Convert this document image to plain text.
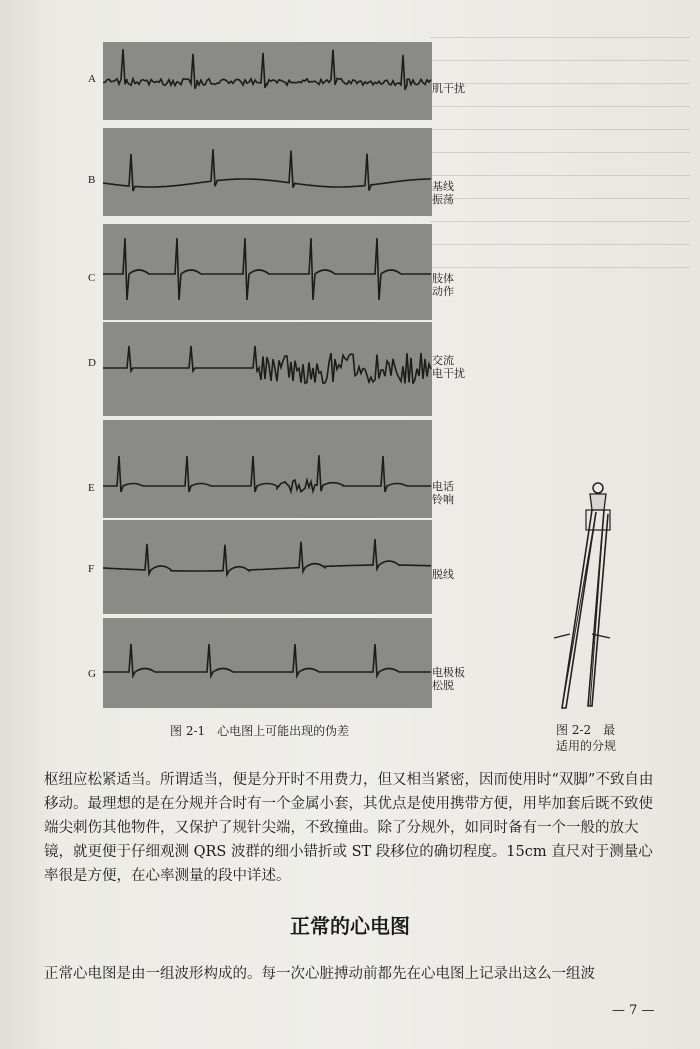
A
B
C
D
E
F
G
肌干扰
基线
振荡
肢体
动作
交流
电干扰
电话
铃响
脱线
电极板
松脱
图 2-1　心电图上可能出现的伪差	图 2-2　最
适用的分规
枢纽应松紧适当。所谓适当，便是分开时不用费力，但又相当紧密，因而使用时“双脚”不致自由移动。最理想的是在分规并合时有一个金属小套，其优点是使用携带方便，用毕加套后既不致使端尖刺伤其他物件，又保护了规针尖端，不致撞曲。除了分规外，如同时备有一个一般的放大镜，就更便于仔细观测 QRS 波群的细小错折或 ST 段移位的确切程度。15cm 直尺对于测量心率很是方便，在心率测量的段中详述。
正常的心电图
正常心电图是由一组波形构成的。每一次心脏搏动前都先在心电图上记录出这么一组波
— 7 —
